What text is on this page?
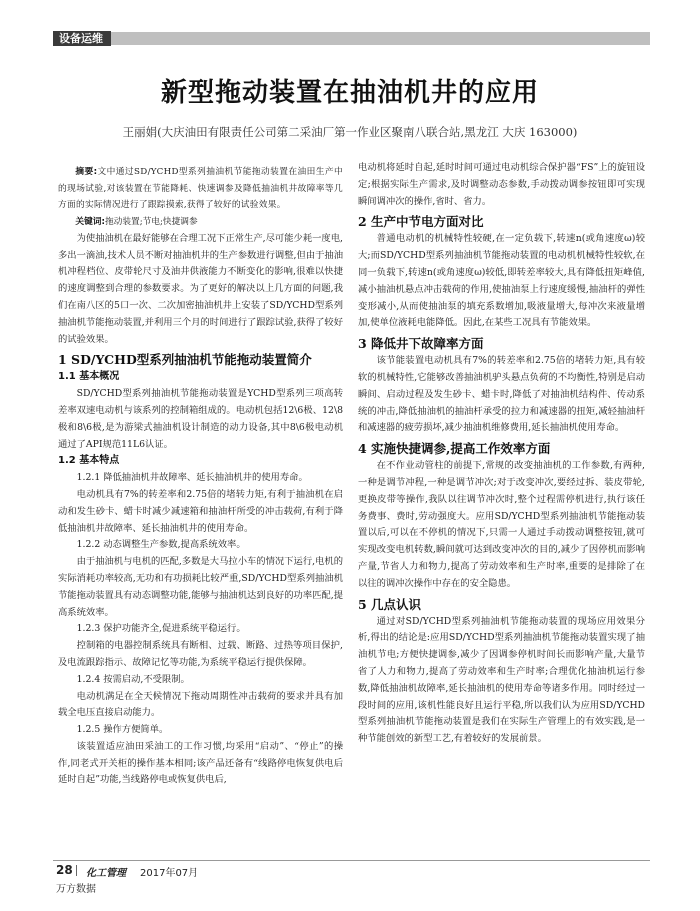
设备运维
新型拖动装置在抽油机井的应用
王丽娟(大庆油田有限责任公司第二采油厂第一作业区聚南八联合站,黑龙江 大庆 163000)
摘要:文中通过SD/YCHD型系列抽油机节能拖动装置在油田生产中的现场试验,对该装置在节能降耗、快速调参及降低抽油机井故障率等几方面的实际情况进行了跟踪摸索,获得了较好的试验效果。
关键词:拖动装置;节电;快捷调参

为使抽油机在最好能够在合理工况下正常生产,尽可能少耗一度电,多出一滴油,技术人员不断对抽油机井的生产参数进行调整,但由于抽油机冲程档位、皮带轮尺寸及油井供液能力不断变化的影响,很难以快捷的速度调整到合理的参数要求。为了更好的解决以上几方面的问题,我们在南八区的5口一次、二次加密抽油机井上安装了SD/YCHD型系列抽油机节能拖动装置,并利用三个月的时间进行了跟踪试验,获得了较好的试验效果。

1 SD/YCHD型系列抽油机节能拖动装置简介
1.1 基本概况

SD/YCHD型系列抽油机节能拖动装置是YCHD型系列三项高转差率双速电动机与该系列的控制箱组成的。电动机包括12\6极、12\8极和8\6极,是为游梁式抽油机设计制造的动力设备,其中8\6极电动机通过了API规范11L6认证。

1.2 基本特点

1.2.1 降低抽油机井故障率、延长抽油机井的使用寿命。

电动机具有7%的转差率和2.75倍的堵转力矩,有利于抽油机在启动和发生砂卡、蜡卡时减少减速箱和抽油杆所受的冲击载荷,有利于降低抽油机井故障率、延长抽油机井的使用寿命。

1.2.2 动态调整生产参数,提高系统效率。

由于抽油机与电机的匹配,多数是大马拉小车的情况下运行,电机的实际消耗功率较高,无功和有功损耗比较严重,SD/YCHD型系列抽油机节能拖动装置具有动态调整功能,能够与抽油机达到良好的功率匹配,提高系统效率。

1.2.3 保护功能齐全,促进系统平稳运行。

控制箱的电器控制系统具有断相、过载、断路、过热等项目保护,及电流跟踪指示、故障记忆等功能,为系统平稳运行提供保障。

1.2.4 按需启动,不受限制。

电动机满足在全天候情况下拖动周期性冲击载荷的要求并具有加载全电压直接启动能力。

1.2.5 操作方便简单。

该装置适应油田采油工的工作习惯,均采用“启动”、“停止”的操作,同老式开关柜的操作基本相同;该产品还备有“线路停电恢复供电后延时自起”功能,当线路停电或恢复供电后,

电动机将延时自起,延时时间可通过电动机综合保护器“FS”上的旋钮设定;根据实际生产需求,及时调整动态参数,手动拨动调参按钮即可实现瞬间调冲次的操作,省时、省力。

2 生产中节电方面对比

普通电动机的机械特性较硬,在一定负载下,转速n(或角速度ω)较大;而SD/YCHD型系列抽油机节能拖动装置的电动机机械特性较软,在同一负载下,转速n(或角速度ω)较低,即转差率较大,具有降低扭矩峰值,减小抽油机悬点冲击载荷的作用,使抽油泵上行速度缓慢,抽油杆的弹性变形减小,从而使抽油泵的填充系数增加,吸液量增大,每冲次来液量增加,使单位液耗电能降低。因此,在某些工况具有节能效果。

3 降低井下故障率方面

该节能装置电动机具有7%的转差率和2.75倍的堵转力矩,具有较软的机械特性,它能够改善抽油机驴头悬点负荷的不均衡性,特别是启动瞬间、启动过程及发生砂卡、蜡卡时,降低了对抽油机结构件、传动系统的冲击,降低抽油机的抽油杆承受的拉力和减速器的扭矩,减轻抽油杆和减速器的疲劳损坏,减少抽油机维修费用,延长抽油机使用寿命。

4 实施快捷调参,提高工作效率方面

在不作业动管柱的前提下,常规的改变抽油机的工作参数,有两种,一种是调节冲程,一种是调节冲次;对于改变冲次,要经过拆、装皮带轮,更换皮带等操作,我队以往调节冲次时,整个过程需停机进行,执行该任务费事、费时,劳动强度大。应用SD/YCHD型系列抽油机节能拖动装置以后,可以在不停机的情况下,只需一人通过手动拨动调整按钮,就可实现改变电机转数,瞬间就可达到改变冲次的目的,减少了因停机而影响产量,节省人力和物力,提高了劳动效率和生产时率,重要的是排除了在以往的调冲次操作中存在的安全隐患。

5 几点认识

通过对SD/YCHD型系列抽油机节能拖动装置的现场应用效果分析,得出的结论是:应用SD/YCHD型系列抽油机节能拖动装置实现了抽油机节电;方便快捷调参,减少了因调参停机时间长而影响产量,大量节省了人力和物力,提高了劳动效率和生产时率;合理优化抽油机运行参数,降低抽油机故障率,延长抽油机的使用寿命等诸多作用。同时经过一段时间的应用,该机性能良好且运行平稳,所以我们认为应用SD/YCHD型系列抽油机节能拖动装置是我们在实际生产管理上的有效实践,是一种节能创效的新型工艺,有着较好的发展前景。

28 化工管理 2017年07月
万方数据
